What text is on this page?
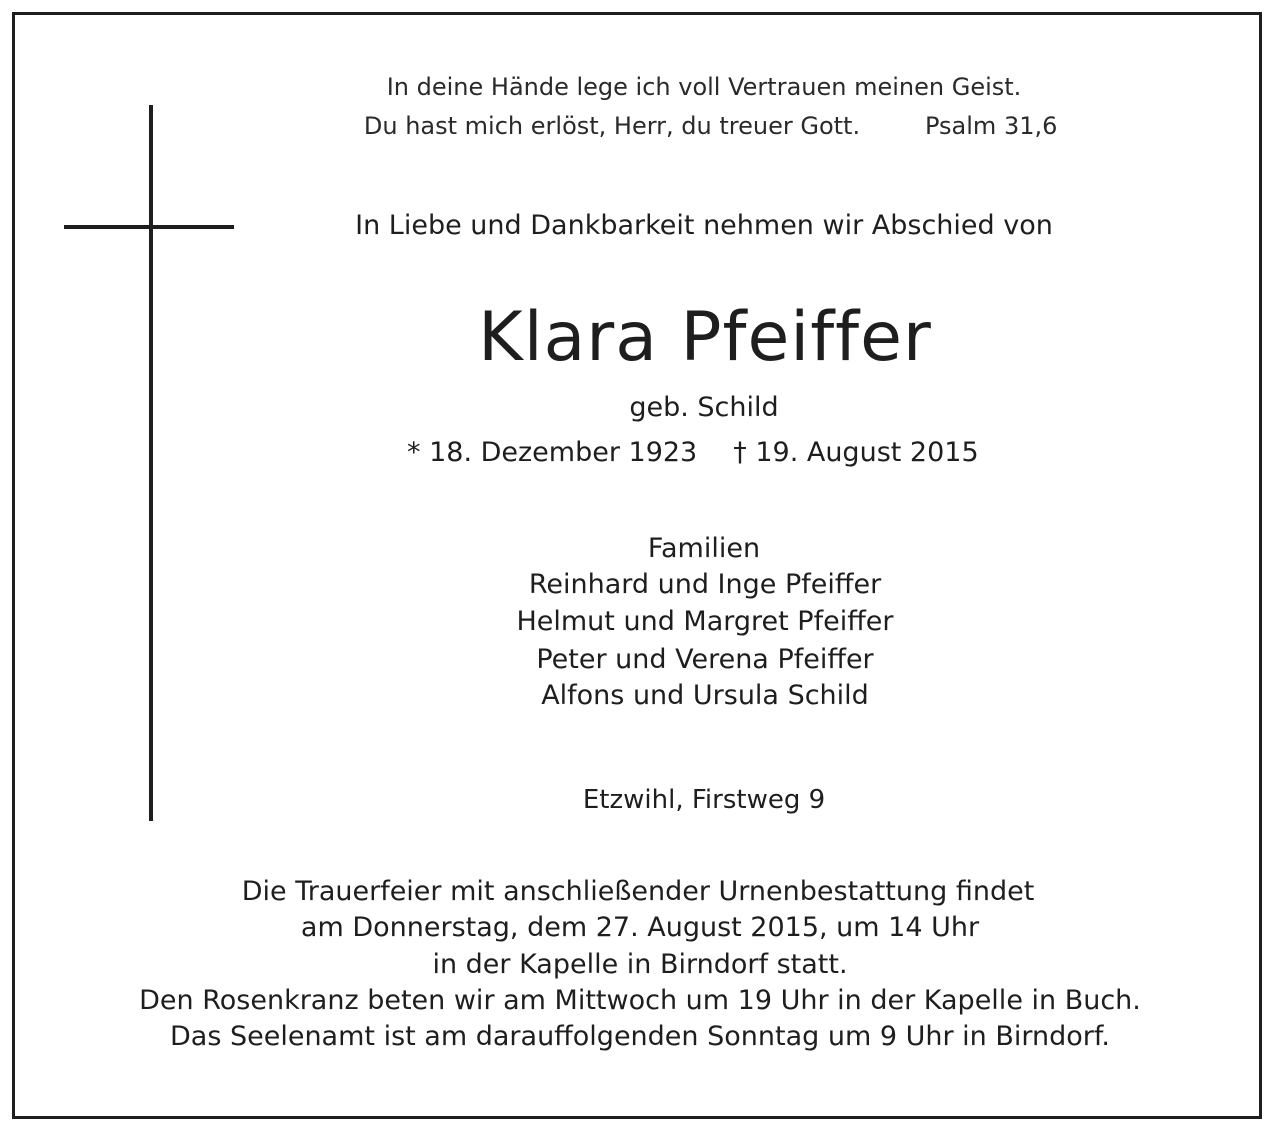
In deine Hände lege ich voll Vertrauen meinen Geist.
Du hast mich erlöst, Herr, du treuer Gott.	Psalm 31,6
In Liebe und Dankbarkeit nehmen wir Abschied von
Klara Pfeiffer
geb. Schild
* 18. Dezember 1923 † 19. August 2015
Familien
Reinhard und Inge Pfeiffer
Helmut und Margret Pfeiffer
Peter und Verena Pfeiffer
Alfons und Ursula Schild
Etzwihl, Firstweg 9
Die Trauerfeier mit anschließender Urnenbestattung findet
am Donnerstag, dem 27. August 2015, um 14 Uhr
in der Kapelle in Birndorf statt.
Den Rosenkranz beten wir am Mittwoch um 19 Uhr in der Kapelle in Buch.
Das Seelenamt ist am darauffolgenden Sonntag um 9 Uhr in Birndorf.
